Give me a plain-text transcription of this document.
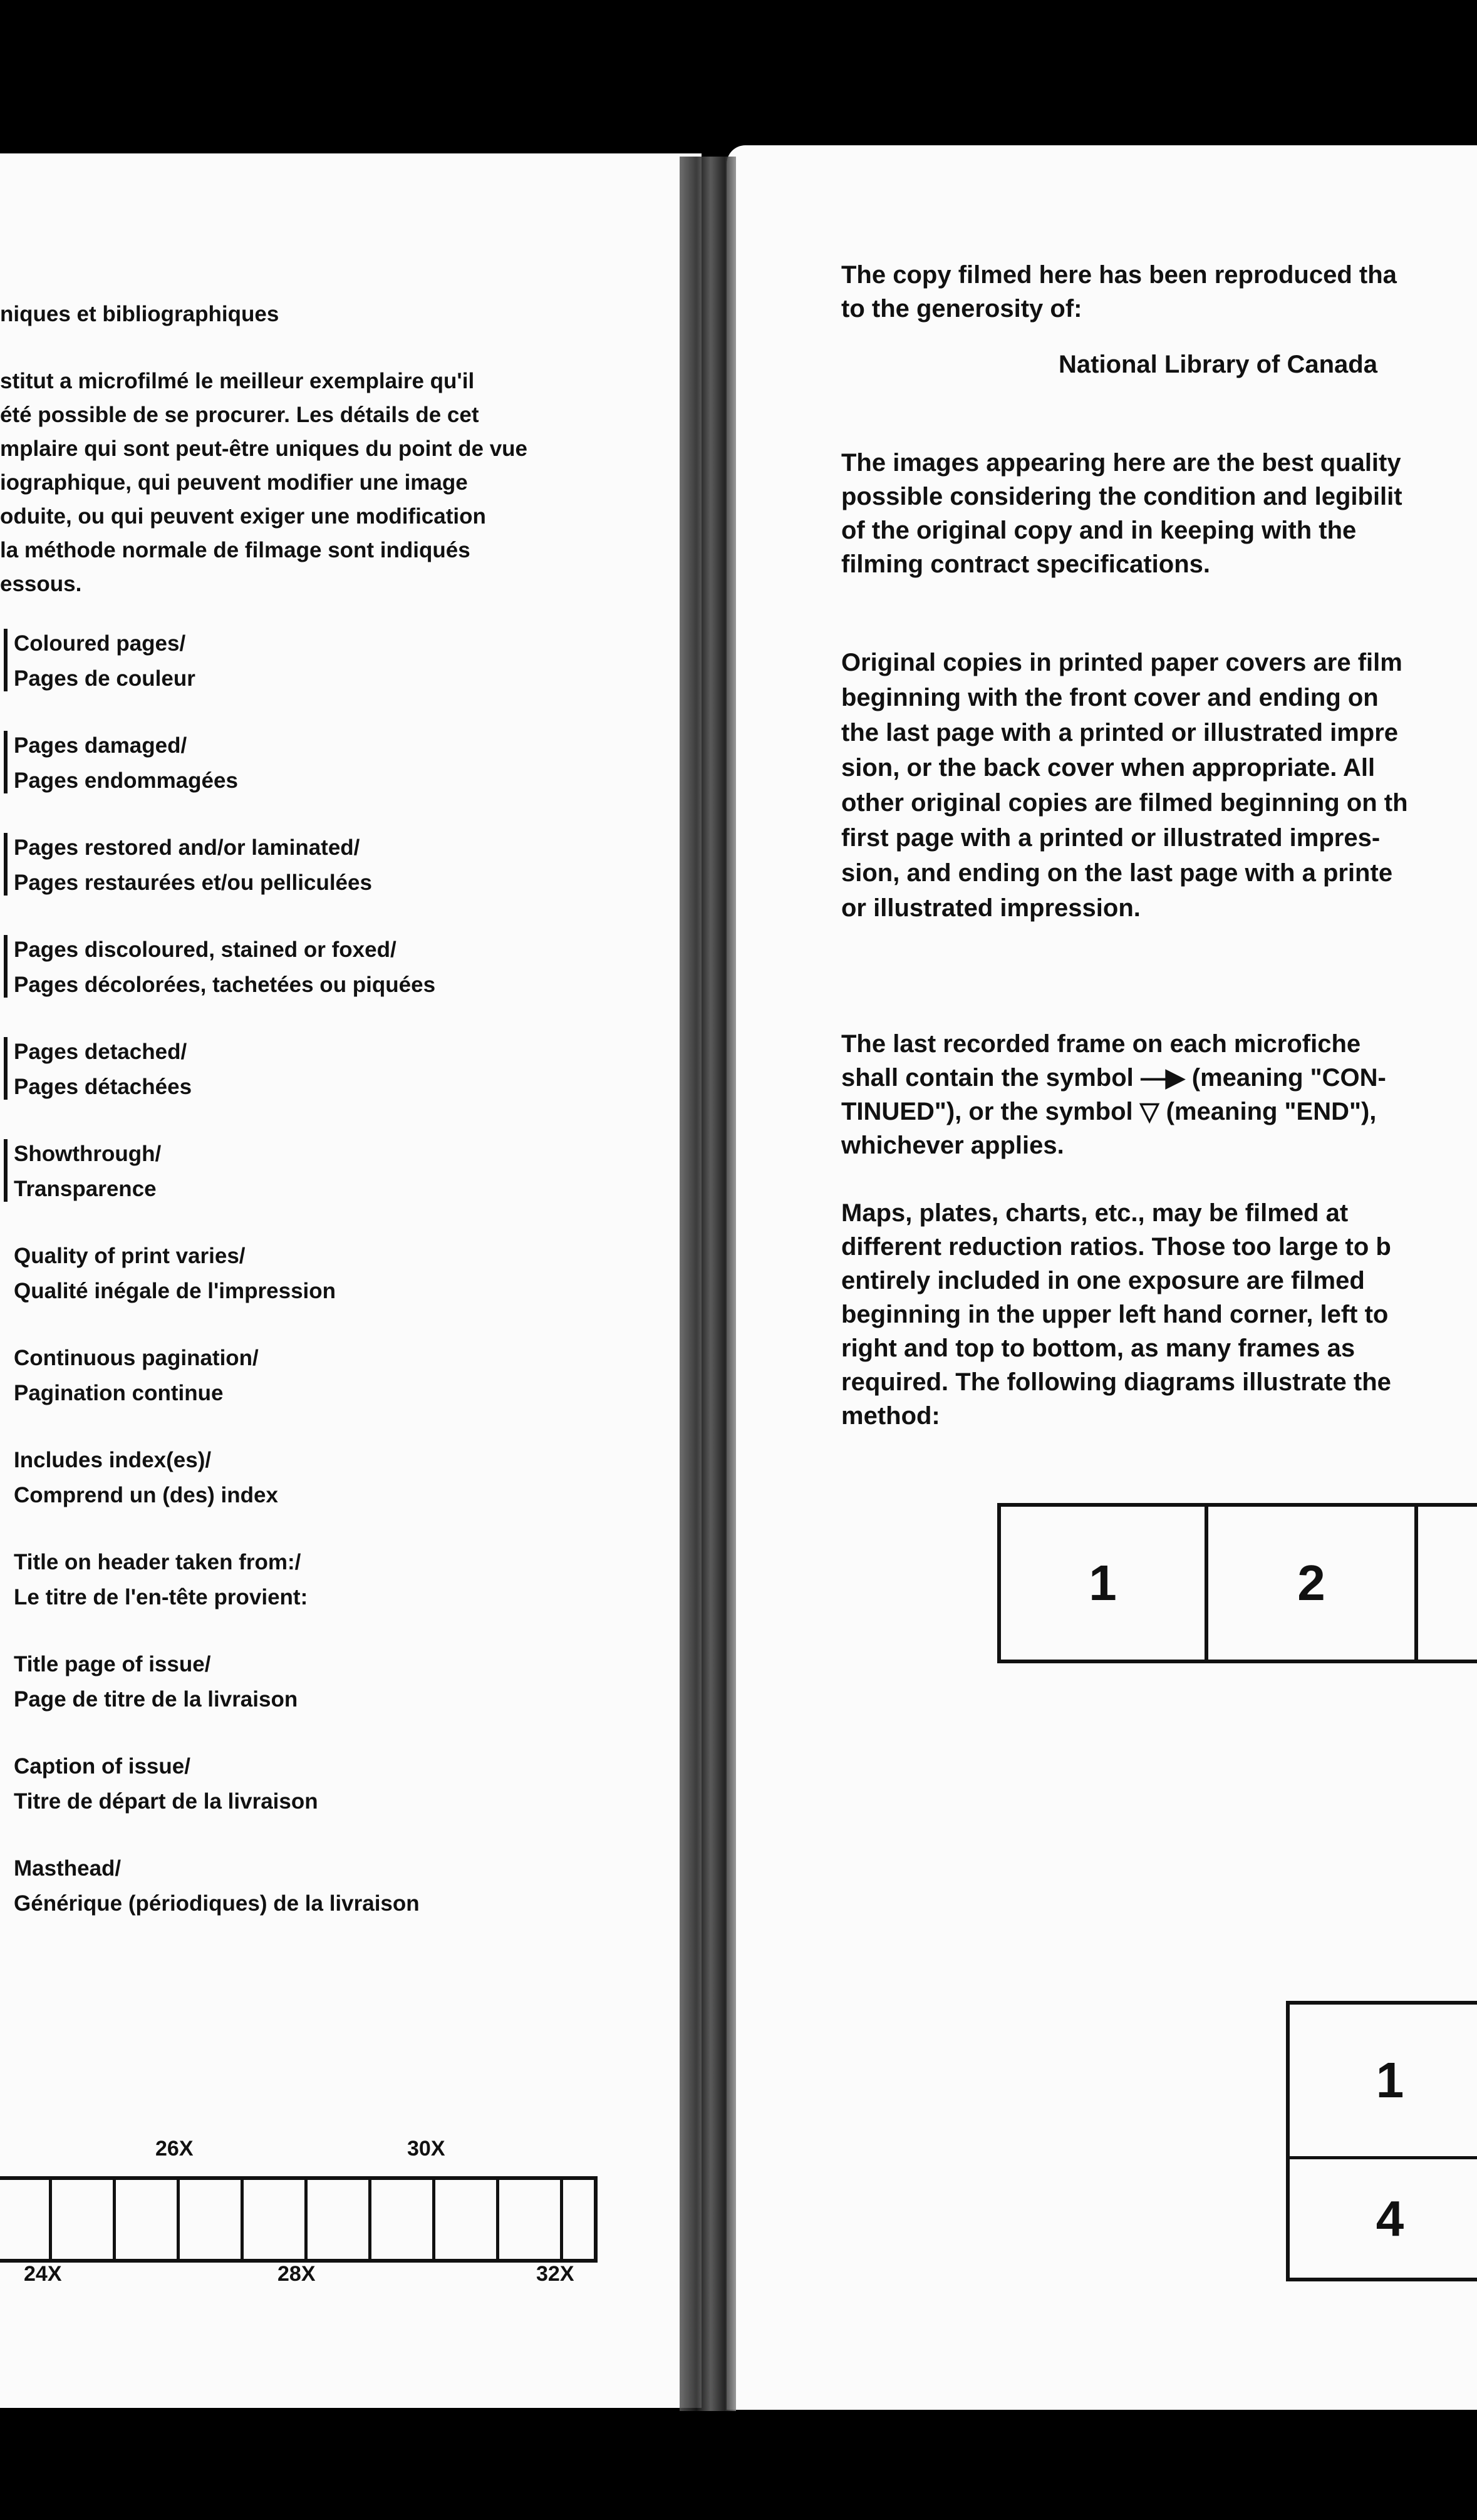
niques et bibliographiques
stitut a microfilmé le meilleur exemplaire qu'il
été possible de se procurer. Les détails de cet
mplaire qui sont peut-être uniques du point de vue
iographique, qui peuvent modifier une image
oduite, ou qui peuvent exiger une modification
la méthode normale de filmage sont indiqués
essous.
Coloured pages/
Pages de couleur
Pages damaged/
Pages endommagées
Pages restored and/or laminated/
Pages restaurées et/ou pelliculées
Pages discoloured, stained or foxed/
Pages décolorées, tachetées ou piquées
Pages detached/
Pages détachées
Showthrough/
Transparence
Quality of print varies/
Qualité inégale de l'impression
Continuous pagination/
Pagination continue
Includes index(es)/
Comprend un (des) index
Title on header taken from:/
Le titre de l'en-tête provient:
Title page of issue/
Page de titre de la livraison
Caption of issue/
Titre de départ de la livraison
Masthead/
Générique (périodiques) de la livraison
26X	30X
24X	28X	32X
The copy filmed here has been reproduced tha
to the generosity of:
National Library of Canada
The images appearing here are the best quality
possible considering the condition and legibilit
of the original copy and in keeping with the
filming contract specifications.
Original copies in printed paper covers are film
beginning with the front cover and ending on
the last page with a printed or illustrated impre
sion, or the back cover when appropriate. All
other original copies are filmed beginning on th
first page with a printed or illustrated impres-
sion, and ending on the last page with a printe
or illustrated impression.
The last recorded frame on each microfiche
shall contain the symbol —▶ (meaning "CON-
TINUED"), or the symbol ▽ (meaning "END"),
whichever applies.
Maps, plates, charts, etc., may be filmed at
different reduction ratios. Those too large to b
entirely included in one exposure are filmed
beginning in the upper left hand corner, left to
right and top to bottom, as many frames as
required. The following diagrams illustrate the
method:
1	2
1
4
